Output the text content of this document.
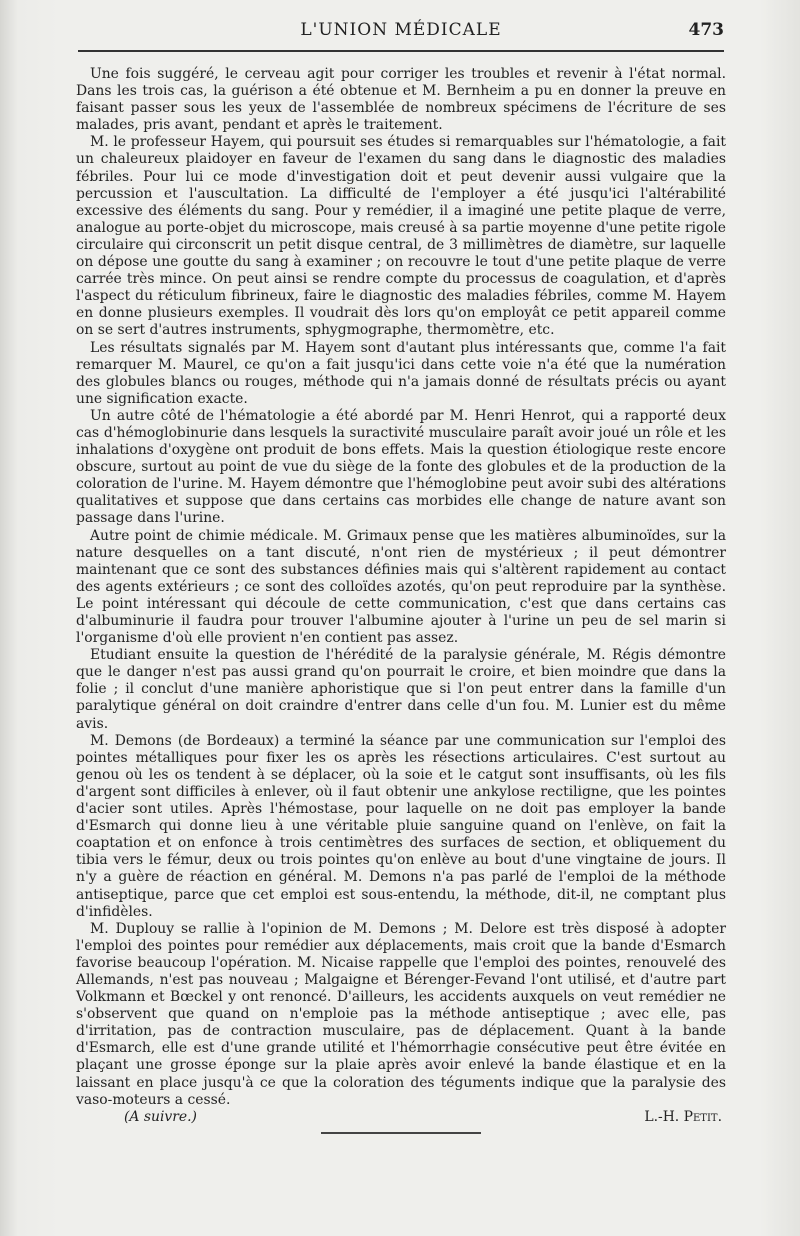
L'UNION MÉDICALE	473

Une fois suggéré, le cerveau agit pour corriger les troubles et revenir à l'état normal. Dans les trois cas, la guérison a été obtenue et M. Bernheim a pu en donner la preuve en faisant passer sous les yeux de l'assemblée de nombreux spécimens de l'écriture de ses malades, pris avant, pendant et après le traitement.

M. le professeur Hayem, qui poursuit ses études si remarquables sur l'hématologie, a fait un chaleureux plaidoyer en faveur de l'examen du sang dans le diagnostic des maladies fébriles. Pour lui ce mode d'investigation doit et peut devenir aussi vulgaire que la percussion et l'auscultation. La difficulté de l'employer a été jusqu'ici l'altérabilité excessive des éléments du sang. Pour y remédier, il a imaginé une petite plaque de verre, analogue au porte-objet du microscope, mais creusé à sa partie moyenne d'une petite rigole circulaire qui circonscrit un petit disque central, de 3 millimètres de diamètre, sur laquelle on dépose une goutte du sang à examiner ; on recouvre le tout d'une petite plaque de verre carrée très mince. On peut ainsi se rendre compte du processus de coagulation, et d'après l'aspect du réticulum fibrineux, faire le diagnostic des maladies fébriles, comme M. Hayem en donne plusieurs exemples. Il voudrait dès lors qu'on employât ce petit appareil comme on se sert d'autres instruments, sphygmographe, thermomètre, etc.

Les résultats signalés par M. Hayem sont d'autant plus intéressants que, comme l'a fait remarquer M. Maurel, ce qu'on a fait jusqu'ici dans cette voie n'a été que la numération des globules blancs ou rouges, méthode qui n'a jamais donné de résultats précis ou ayant une signification exacte.

Un autre côté de l'hématologie a été abordé par M. Henri Henrot, qui a rapporté deux cas d'hémoglobinurie dans lesquels la suractivité musculaire paraît avoir joué un rôle et les inhalations d'oxygène ont produit de bons effets. Mais la question étiologique reste encore obscure, surtout au point de vue du siège de la fonte des globules et de la production de la coloration de l'urine. M. Hayem démontre que l'hémoglobine peut avoir subi des altérations qualitatives et suppose que dans certains cas morbides elle change de nature avant son passage dans l'urine.

Autre point de chimie médicale. M. Grimaux pense que les matières albuminoïdes, sur la nature desquelles on a tant discuté, n'ont rien de mystérieux ; il peut démontrer maintenant que ce sont des substances définies mais qui s'altèrent rapidement au contact des agents extérieurs ; ce sont des colloïdes azotés, qu'on peut reproduire par la synthèse. Le point intéressant qui découle de cette communication, c'est que dans certains cas d'albuminurie il faudra pour trouver l'albumine ajouter à l'urine un peu de sel marin si l'organisme d'où elle provient n'en contient pas assez.

Etudiant ensuite la question de l'hérédité de la paralysie générale, M. Régis démontre que le danger n'est pas aussi grand qu'on pourrait le croire, et bien moindre que dans la folie ; il conclut d'une manière aphoristique que si l'on peut entrer dans la famille d'un paralytique général on doit craindre d'entrer dans celle d'un fou. M. Lunier est du même avis.

M. Demons (de Bordeaux) a terminé la séance par une communication sur l'emploi des pointes métalliques pour fixer les os après les résections articulaires. C'est surtout au genou où les os tendent à se déplacer, où la soie et le catgut sont insuffisants, où les fils d'argent sont difficiles à enlever, où il faut obtenir une ankylose rectiligne, que les pointes d'acier sont utiles. Après l'hémostase, pour laquelle on ne doit pas employer la bande d'Esmarch qui donne lieu à une véritable pluie sanguine quand on l'enlève, on fait la coaptation et on enfonce à trois centimètres des surfaces de section, et obliquement du tibia vers le fémur, deux ou trois pointes qu'on enlève au bout d'une vingtaine de jours. Il n'y a guère de réaction en général. M. Demons n'a pas parlé de l'emploi de la méthode antiseptique, parce que cet emploi est sous-entendu, la méthode, dit-il, ne comptant plus d'infidèles.

M. Duplouy se rallie à l'opinion de M. Demons ; M. Delore est très disposé à adopter l'emploi des pointes pour remédier aux déplacements, mais croit que la bande d'Esmarch favorise beaucoup l'opération. M. Nicaise rappelle que l'emploi des pointes, renouvelé des Allemands, n'est pas nouveau ; Malgaigne et Bérenger-Fevand l'ont utilisé, et d'autre part Volkmann et Bœckel y ont renoncé. D'ailleurs, les accidents auxquels on veut remédier ne s'observent que quand on n'emploie pas la méthode antiseptique ; avec elle, pas d'irritation, pas de contraction musculaire, pas de déplacement. Quant à la bande d'Esmarch, elle est d'une grande utilité et l'hémorrhagie consécutive peut être évitée en plaçant une grosse éponge sur la plaie après avoir enlevé la bande élastique et en la laissant en place jusqu'à ce que la coloration des téguments indique que la paralysie des vaso-moteurs a cessé.

(A suivre.)	L.-H. Petit.
